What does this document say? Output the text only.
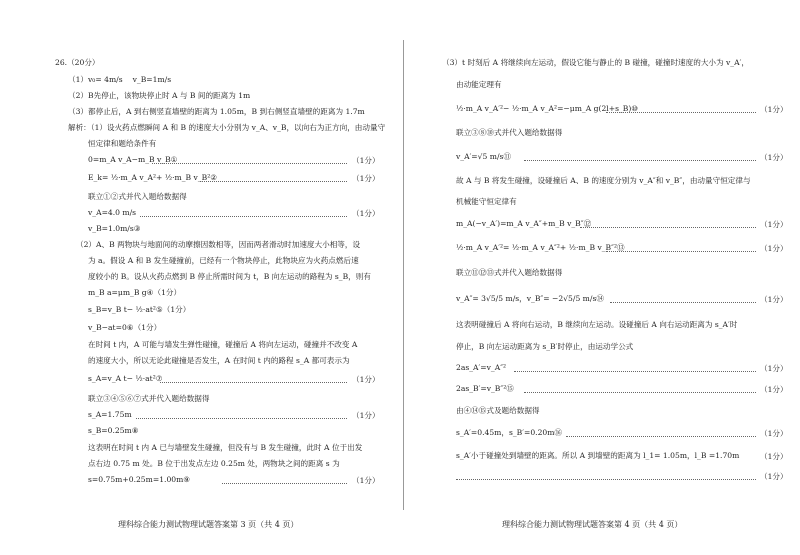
26.（20分）
（1）v₀= 4m/s　 v_B=1m/s
（2）B先停止，该物块停止时 A 与 B 间的距离为 1m
（3）都停止后，A 到右侧竖直墙壁的距离为 1.05m，B 到右侧竖直墙壁的距离为 1.7m
解析：（1）设火药点燃瞬间 A 和 B 的速度大小分别为 v_A、v_B，以向右为正方向，由动量守
恒定律和题给条件有
0=m_A v_A−m_B v_B①	（1分）
E_k= ½·m_A v_A²+ ½·m_B v_B²②	（1分）
联立①②式并代入题给数据得
v_A=4.0 m/s	（1分）
v_B=1.0m/s③
（2）A、B 两物块与地面间的动摩擦因数相等，因而两者滑动时加速度大小相等，设
为 a。假设 A 和 B 发生碰撞前，已经有一个物块停止，此物块应为火药点燃后速
度较小的 B。设从火药点燃到 B 停止所需时间为 t，B 向左运动的路程为 s_B，则有
m_B a=μm_B g④（1分）
s_B=v_B t− ½·at²⑤（1分）
v_B−at=0⑥（1分）
在时间 t 内，A 可能与墙发生弹性碰撞，碰撞后 A 将向左运动，碰撞并不改变 A
的速度大小，所以无论此碰撞是否发生，A 在时间 t 内的路程 s_A 都可表示为
s_A=v_A t− ½·at²⑦	（1分）
联立③④⑤⑥⑦式并代入题给数据得
s_A=1.75m	（1分）
s_B=0.25m⑧
这表明在时间 t 内 A 已与墙壁发生碰撞，但没有与 B 发生碰撞，此时 A 位于出发
点右边 0.75 m 处。B 位于出发点左边 0.25m 处，两物块之间的距离 s 为
s=0.75m+0.25m=1.00m⑨	（1分）
理科综合能力测试物理试题答案第 3 页（共 4 页）
（3）t 时刻后 A 将继续向左运动，假设它能与静止的 B 碰撞，碰撞时速度的大小为 v_A′，
由动能定理有
½·m_A v_A′²− ½·m_A v_A²=−μm_A g(2l+s_B)⑩	（1分）
联立③⑧⑩式并代入题给数据得
v_A′=√5 m/s⑪	（1分）
故 A 与 B 将发生碰撞，设碰撞后 A、B 的速度分别为 v_A″和 v_B″，由动量守恒定律与
机械能守恒定律有
m_A(−v_A′)=m_A v_A″+m_B v_B″⑫	（1分）
½·m_A v_A′²= ½·m_A v_A″²+ ½·m_B v_B″²⑬	（1分）
联立⑪⑫⑬式并代入题给数据得
v_A″= 3√5/5 m/s，v_B″= −2√5/5 m/s⑭	（1分）
这表明碰撞后 A 将向右运动，B 继续向左运动。设碰撞后 A 向右运动距离为 s_A′时
停止，B 向左运动距离为 s_B′时停止，由运动学公式
2as_A′=v_A″²	（1分）
2as_B′=v_B″²⑮	（1分）
由④⑭⑮式及题给数据得
s_A′=0.45m，s_B′=0.20m⑯	（1分）
s_A′小于碰撞处到墙壁的距离。所以 A 到墙壁的距离为 l_1= 1.05m，l_B =1.70m	（1分）
（1分）
理科综合能力测试物理试题答案第 4 页（共 4 页）
